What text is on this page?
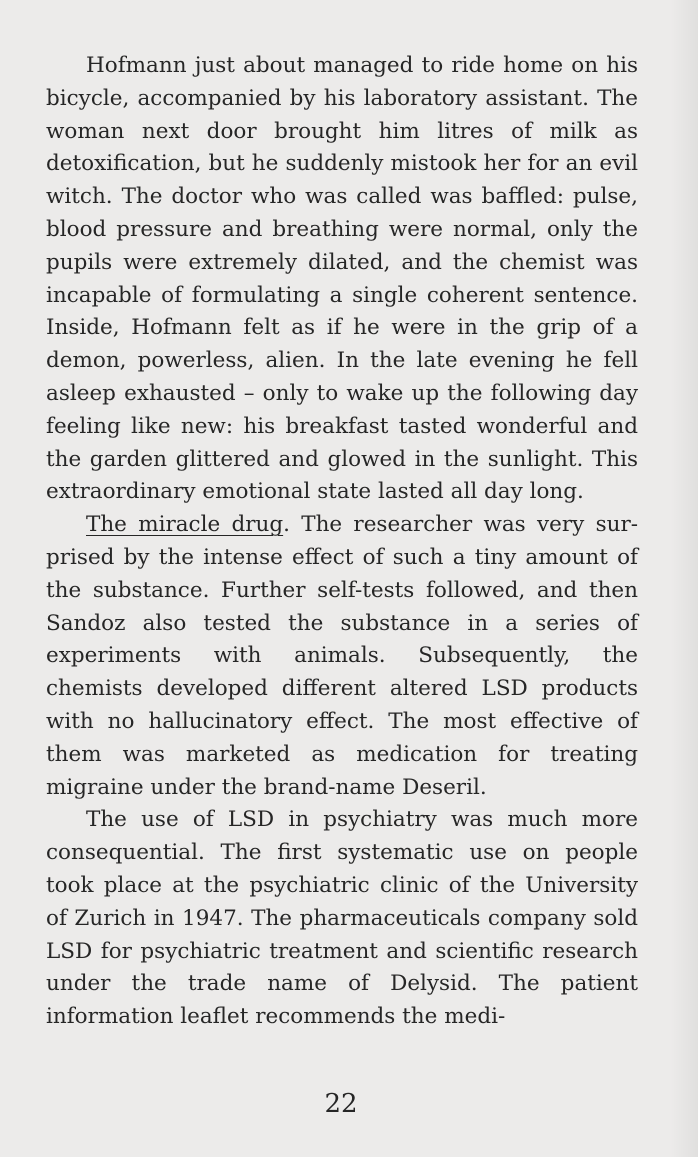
Hofmann just about managed to ride home on his bicycle, accompanied by his laboratory assistant. The woman next door brought him litres of milk as detoxification, but he suddenly mistook her for an evil witch. The doctor who was called was baffled: pulse, blood pressure and breathing were normal, only the pupils were extremely dilated, and the chemist was incapable of formulating a single coherent sentence. Inside, Hofmann felt as if he were in the grip of a demon, powerless, alien. In the late evening he fell asleep exhausted – only to wake up the following day feeling like new: his breakfast tasted wonderful and the garden glittered and glowed in the sunlight. This extraordinary emotional state lasted all day long.

The miracle drug. The researcher was very surprised by the intense effect of such a tiny amount of the substance. Further self-tests followed, and then Sandoz also tested the substance in a series of experiments with animals. Subsequently, the chemists developed different altered LSD products with no hallucinatory effect. The most effective of them was marketed as medication for treating migraine under the brand-name Deseril.

The use of LSD in psychiatry was much more consequential. The first systematic use on people took place at the psychiatric clinic of the University of Zurich in 1947. The pharmaceuticals company sold LSD for psychiatric treatment and scientific research under the trade name of Delysid. The patient information leaflet recommends the medi-

22
